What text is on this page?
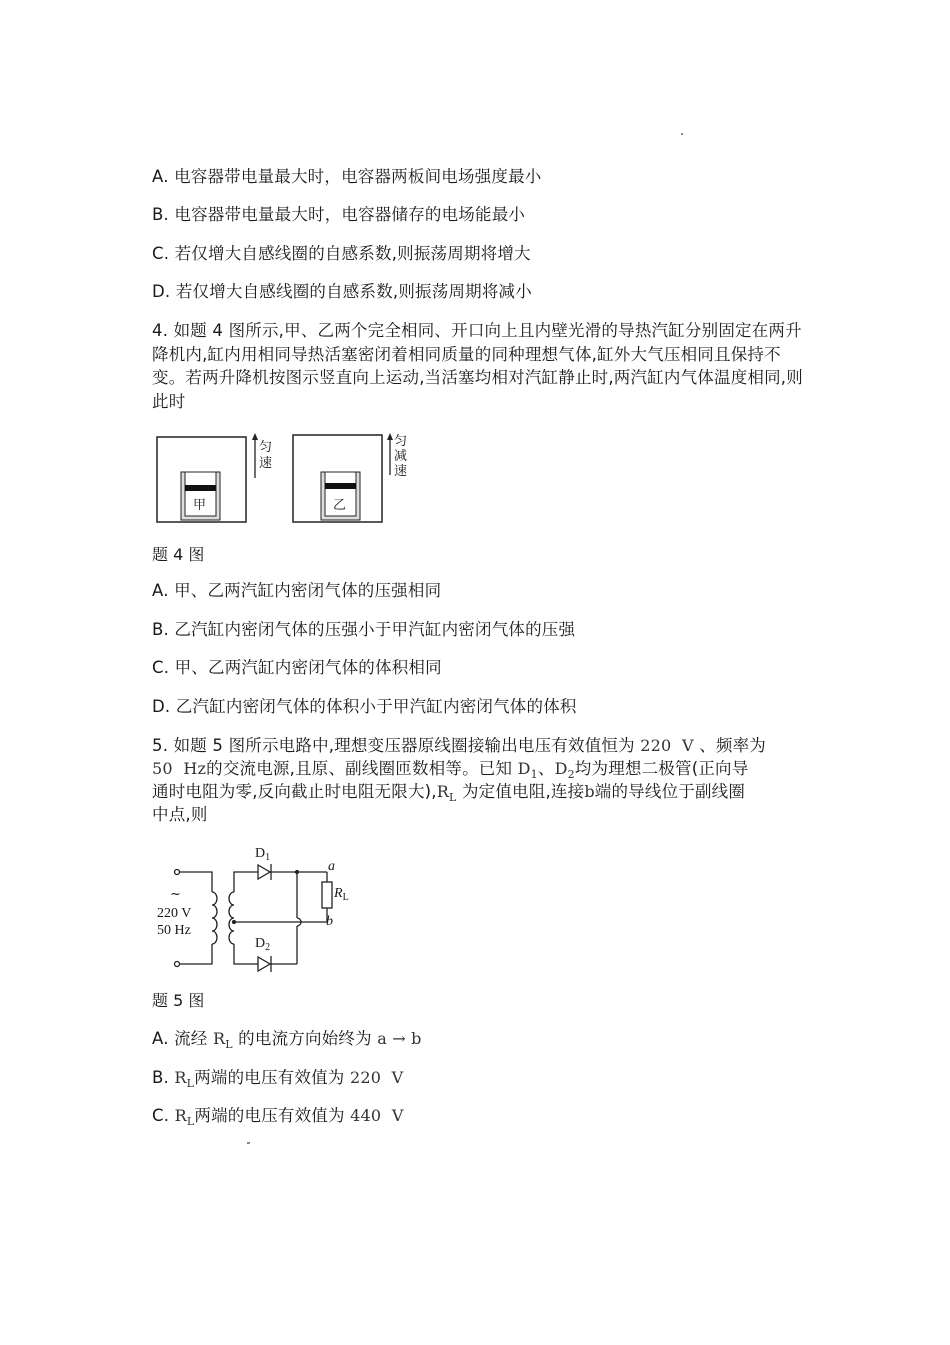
A. 电容器带电量最大时，电容器两板间电场强度最小
B. 电容器带电量最大时，电容器储存的电场能最小
C. 若仅增大自感线圈的自感系数,则振荡周期将增大
D. 若仅增大自感线圈的自感系数,则振荡周期将减小
4. 如题 4 图所示,甲、乙两个完全相同、开口向上且内壁光滑的导热汽缸分别固定在两升降机内,缸内用相同导热活塞密闭着相同质量的同种理想气体,缸外大气压相同且保持不变。若两升降机按图示竖直向上运动,当活塞均相对汽缸静止时,两汽缸内气体温度相同,则此时
甲
匀
速
乙
匀
减
速
题 4 图
A. 甲、乙两汽缸内密闭气体的压强相同
B. 乙汽缸内密闭气体的压强小于甲汽缸内密闭气体的压强
C. 甲、乙两汽缸内密闭气体的体积相同
D. 乙汽缸内密闭气体的体积小于甲汽缸内密闭气体的体积
5. 如题 5 图所示电路中,理想变压器原线圈接输出电压有效值恒为 220  V 、频率为
50  Hz的交流电源,且原、副线圈匝数相等。已知 $D_1$、$D_2$均为理想二极管(正向导
通时电阻为零,反向截止时电阻无限大)$,R_L$ 为定值电阻,连接b端的导线位于副线圈
中点,则
~
220 V
50 Hz
$D_1$
$D_2$
$R_L$
a
b
题 5 图
A. 流经 $R_L$ 的电流方向始终为 a → b
B. $R_L$两端的电压有效值为 220  V
C. $R_L$两端的电压有效值为 440  V
